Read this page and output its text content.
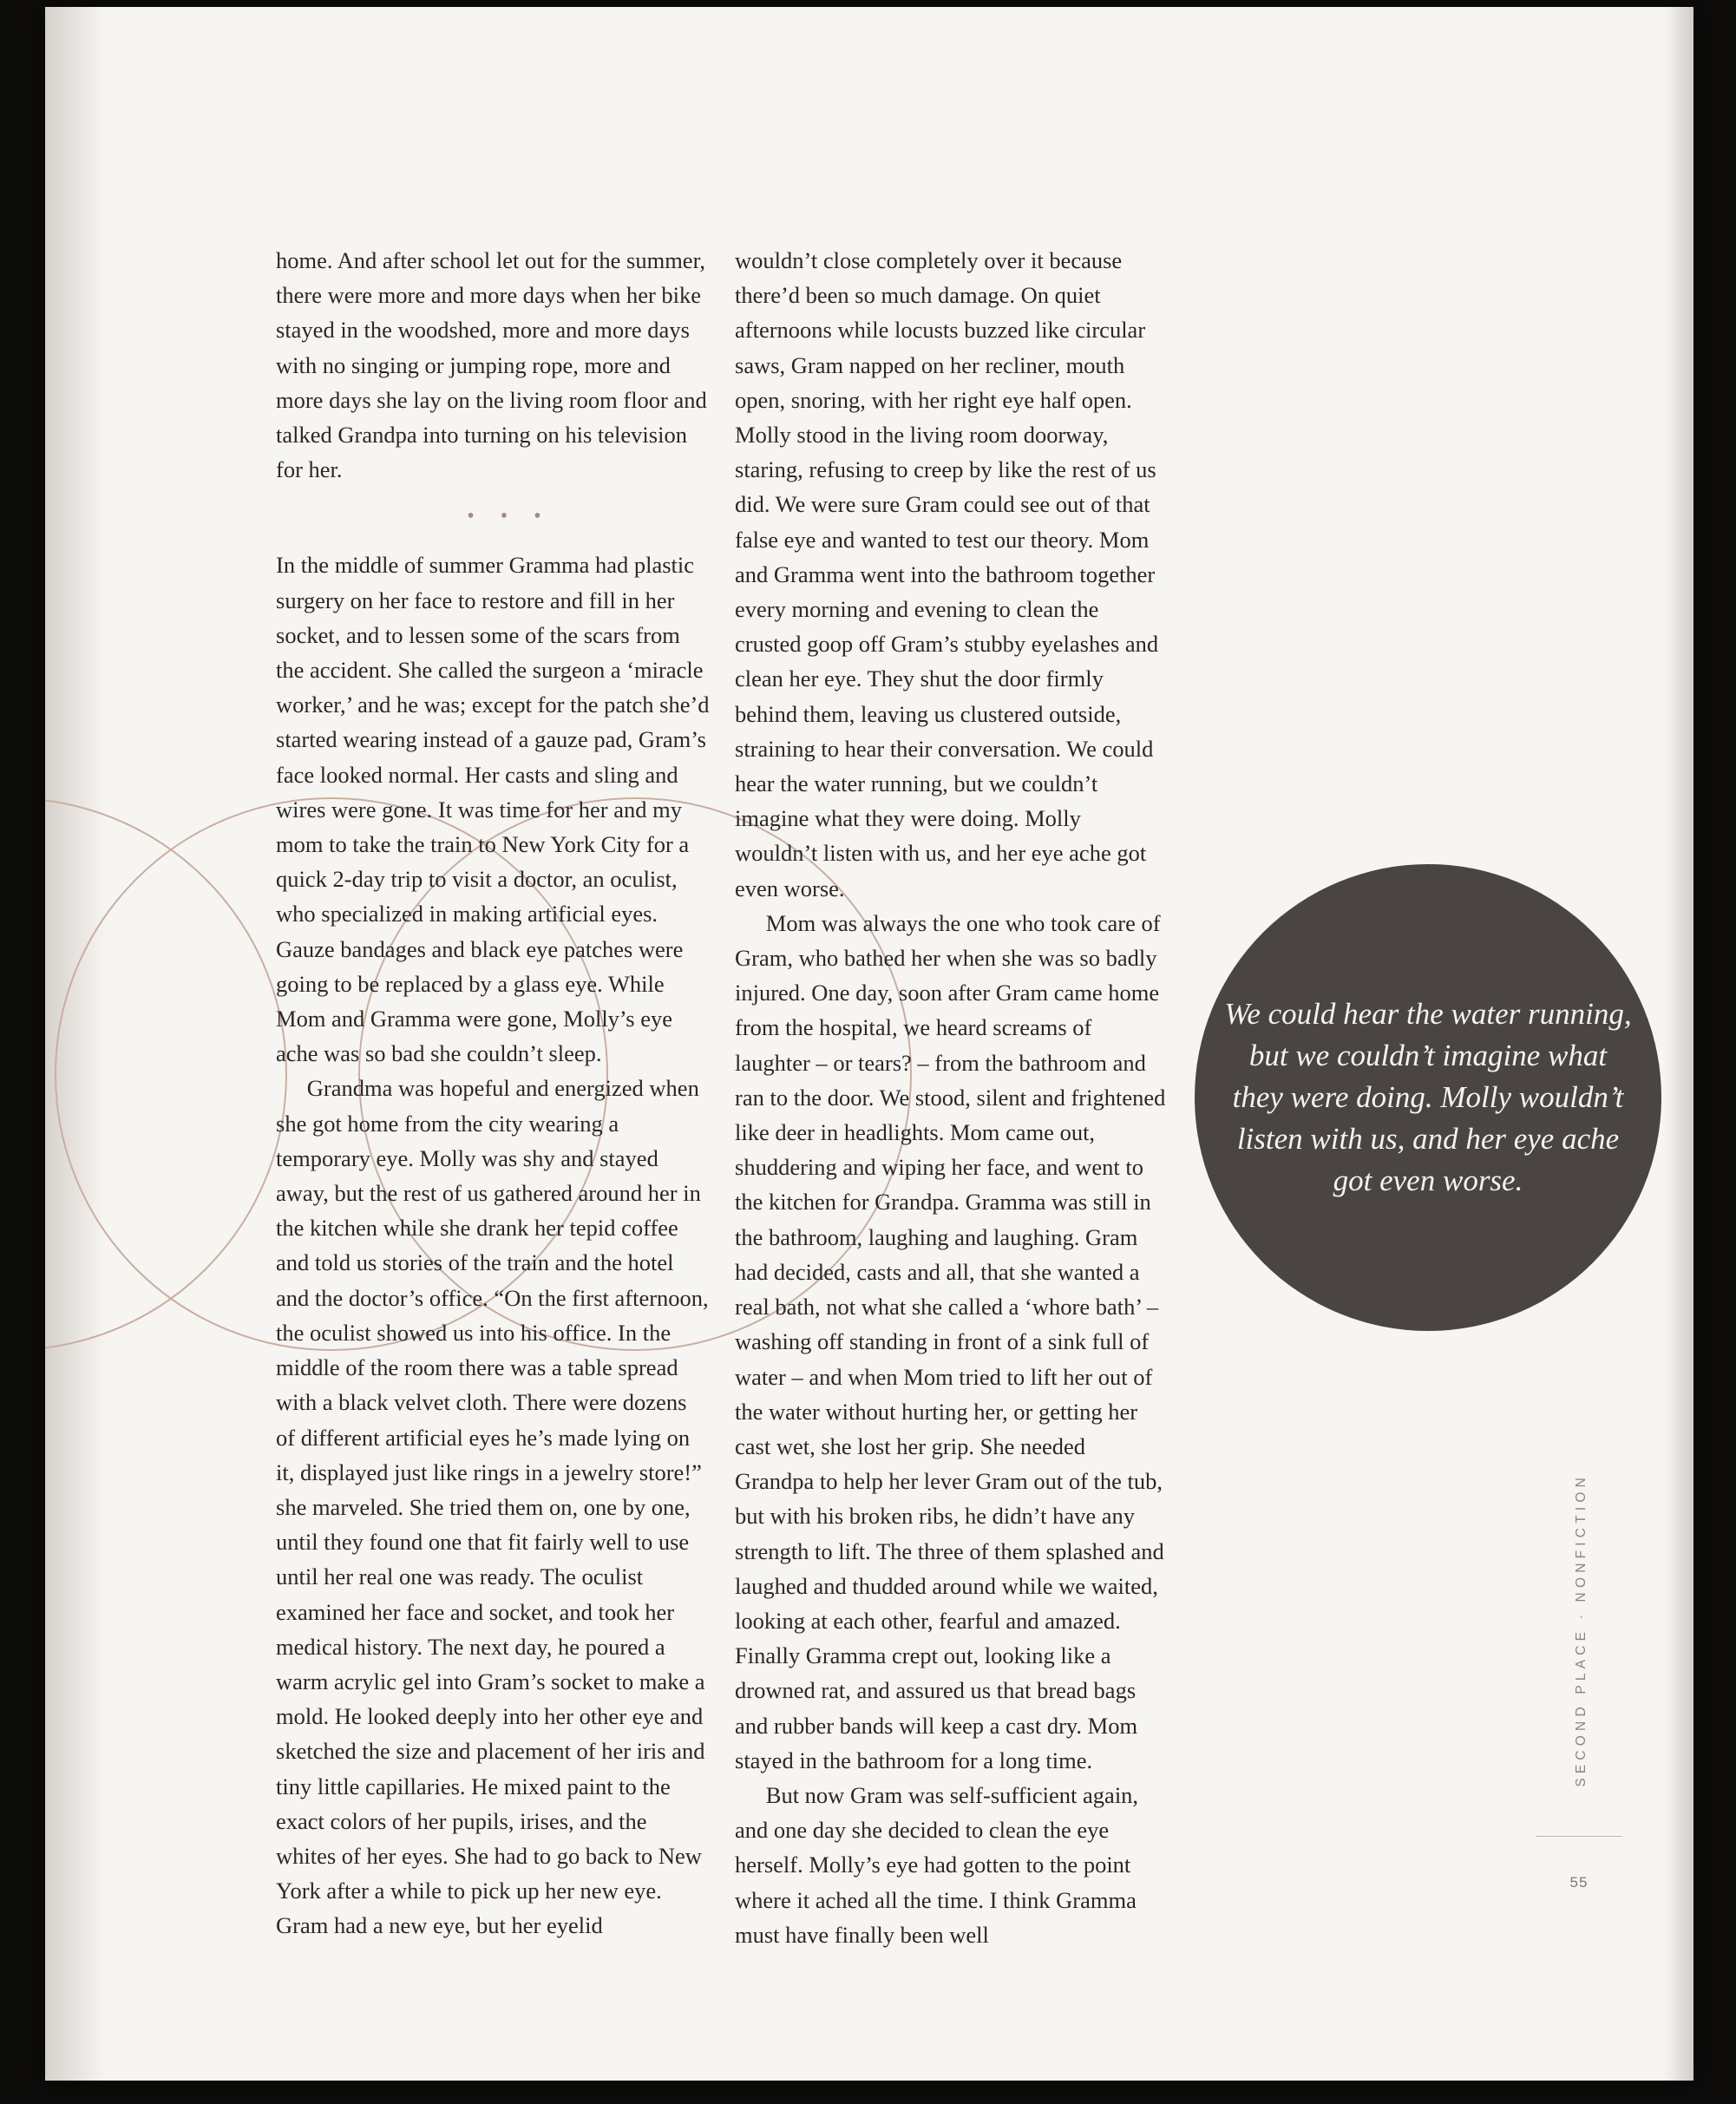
home. And after school let out for the summer, there were more and more days when her bike stayed in the woodshed, more and more days with no singing or jumping rope, more and more days she lay on the living room floor and talked Grandpa into turning on his television for her.

• • •

In the middle of summer Gramma had plastic surgery on her face to restore and fill in her socket, and to lessen some of the scars from the accident. She called the surgeon a ‘miracle worker,’ and he was; except for the patch she’d started wearing instead of a gauze pad, Gram’s face looked normal. Her casts and sling and wires were gone. It was time for her and my mom to take the train to New York City for a quick 2-day trip to visit a doctor, an oculist, who specialized in making artificial eyes. Gauze bandages and black eye patches were going to be replaced by a glass eye. While Mom and Gramma were gone, Molly’s eye ache was so bad she couldn’t sleep.

Grandma was hopeful and energized when she got home from the city wearing a temporary eye. Molly was shy and stayed away, but the rest of us gathered around her in the kitchen while she drank her tepid coffee and told us stories of the train and the hotel and the doctor’s office. “On the first afternoon, the oculist showed us into his office. In the middle of the room there was a table spread with a black velvet cloth. There were dozens of different artificial eyes he’s made lying on it, displayed just like rings in a jewelry store!” she marveled. She tried them on, one by one, until they found one that fit fairly well to use until her real one was ready. The oculist examined her face and socket, and took her medical history. The next day, he poured a warm acrylic gel into Gram’s socket to make a mold. He looked deeply into her other eye and sketched the size and placement of her iris and tiny little capillaries. He mixed paint to the exact colors of her pupils, irises, and the whites of her eyes. She had to go back to New York after a while to pick up her new eye.

Gram had a new eye, but her eyelid

wouldn’t close completely over it because there’d been so much damage. On quiet afternoons while locusts buzzed like circular saws, Gram napped on her recliner, mouth open, snoring, with her right eye half open. Molly stood in the living room doorway, staring, refusing to creep by like the rest of us did. We were sure Gram could see out of that false eye and wanted to test our theory. Mom and Gramma went into the bathroom together every morning and evening to clean the crusted goop off Gram’s stubby eyelashes and clean her eye. They shut the door firmly behind them, leaving us clustered outside, straining to hear their conversation. We could hear the water running, but we couldn’t imagine what they were doing. Molly wouldn’t listen with us, and her eye ache got even worse.

Mom was always the one who took care of Gram, who bathed her when she was so badly injured. One day, soon after Gram came home from the hospital, we heard screams of laughter – or tears? – from the bathroom and ran to the door. We stood, silent and frightened like deer in headlights. Mom came out, shuddering and wiping her face, and went to the kitchen for Grandpa. Gramma was still in the bathroom, laughing and laughing. Gram had decided, casts and all, that she wanted a real bath, not what she called a ‘whore bath’ – washing off standing in front of a sink full of water – and when Mom tried to lift her out of the water without hurting her, or getting her cast wet, she lost her grip. She needed Grandpa to help her lever Gram out of the tub, but with his broken ribs, he didn’t have any strength to lift. The three of them splashed and laughed and thudded around while we waited, looking at each other, fearful and amazed. Finally Gramma crept out, looking like a drowned rat, and assured us that bread bags and rubber bands will keep a cast dry. Mom stayed in the bathroom for a long time.

But now Gram was self-sufficient again, and one day she decided to clean the eye herself. Molly’s eye had gotten to the point where it ached all the time. I think Gramma must have finally been well

We could hear the water running, but we couldn’t imagine what they were doing. Molly wouldn’t listen with us, and her eye ache got even worse.
SECOND PLACE · NONFICTION
55
